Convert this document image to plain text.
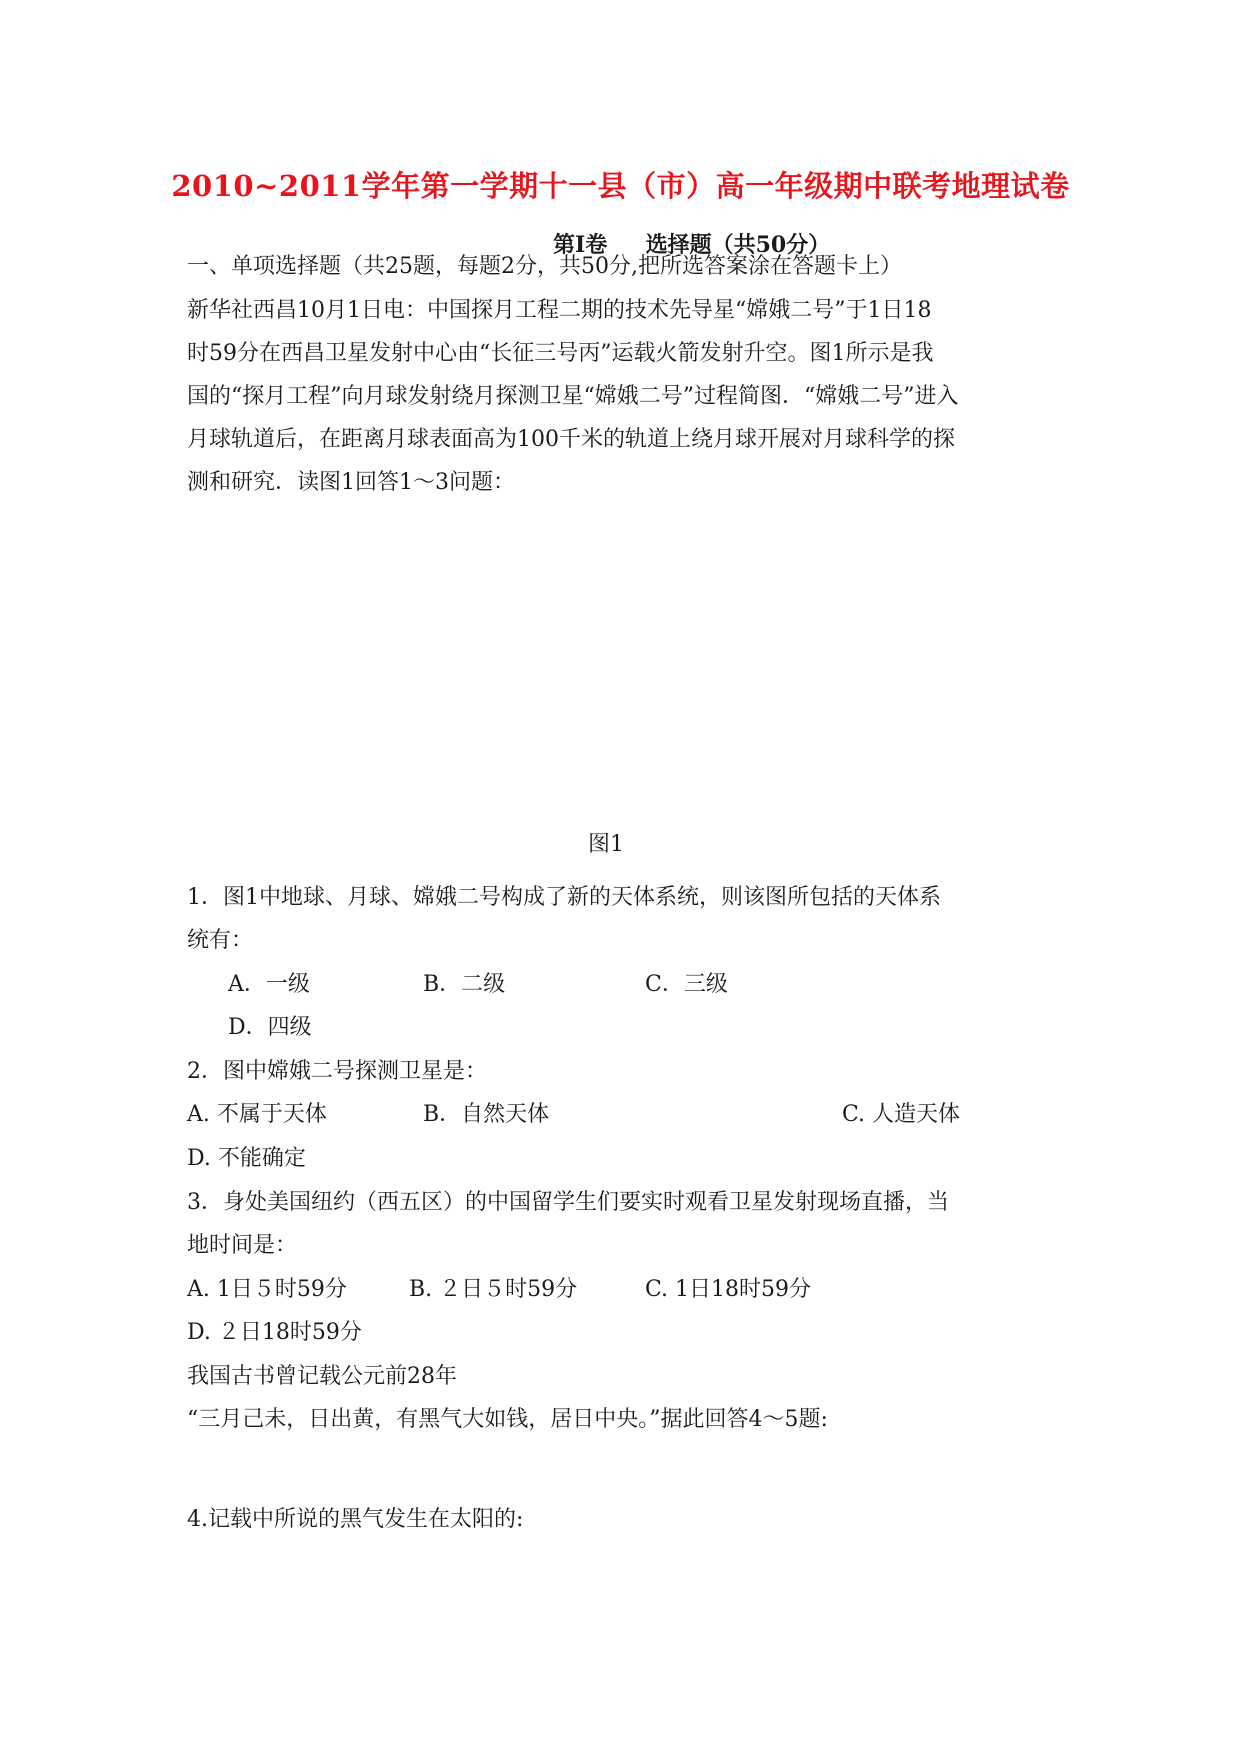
2010~2011学年第一学期十一县（市）高一年级期中联考地理试卷
第Ⅰ卷     选择题（共50分）
一、单项选择题（共25题，每题2分，共50分,把所选答案涂在答题卡上）
新华社西昌10月1日电：中国探月工程二期的技术先导星“嫦娥二号”于1日18
时59分在西昌卫星发射中心由“长征三号丙”运载火箭发射升空。图1所示是我
国的“探月工程”向月球发射绕月探测卫星“嫦娥二号”过程简图．“嫦娥二号”进入
月球轨道后，在距离月球表面高为100千米的轨道上绕月球开展对月球科学的探
测和研究．读图1回答1～3问题：
图1
1．图1中地球、月球、嫦娥二号构成了新的天体系统，则该图所包括的天体系
统有：
A．一级	B．二级	C．三级
D．四级
2．图中嫦娥二号探测卫星是：
A. 不属于天体	B．自然天体	C. 人造天体
D. 不能确定
3．身处美国纽约（西五区）的中国留学生们要实时观看卫星发射现场直播，当
地时间是：
A. 1日５时59分	B. ２日５时59分	C. 1日18时59分
D. ２日18时59分
我国古书曾记载公元前28年
“三月己未，日出黄，有黑气大如钱，居日中央。”据此回答4～5题:
4.记载中所说的黑气发生在太阳的:
